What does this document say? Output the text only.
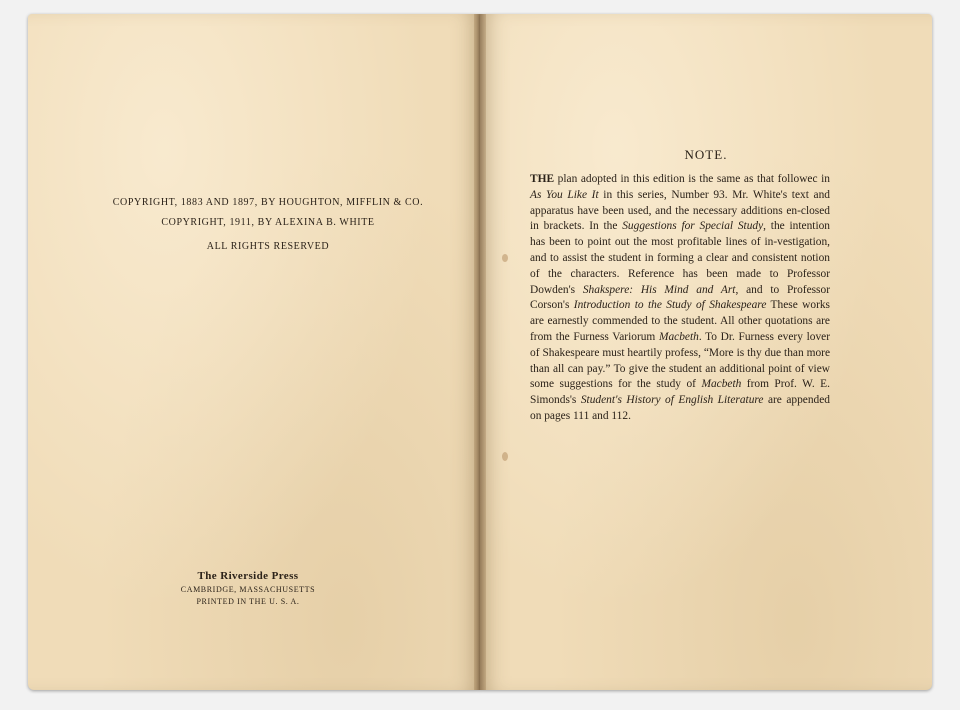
COPYRIGHT, 1883 AND 1897, BY HOUGHTON, MIFFLIN & CO.
COPYRIGHT, 1911, BY ALEXINA B. WHITE
ALL RIGHTS RESERVED
The Riverside Press
CAMBRIDGE, MASSACHUSETTS
PRINTED IN THE U. S. A.
NOTE.
THE plan adopted in this edition is the same as that followec in As You Like It in this series, Number 93. Mr. White's text and apparatus have been used, and the necessary additions en-closed in brackets. In the Suggestions for Special Study, the intention has been to point out the most profitable lines of in-vestigation, and to assist the student in forming a clear and consistent notion of the characters. Reference has been made to Professor Dowden's Shakspere: His Mind and Art, and to Professor Corson's Introduction to the Study of Shakespeare These works are earnestly commended to the student. All other quotations are from the Furness Variorum Macbeth. To Dr. Furness every lover of Shakespeare must heartily profess, “More is thy due than more than all can pay.” To give the student an additional point of view some suggestions for the study of Macbeth from Prof. W. E. Simonds's Student's History of English Literature are appended on pages 111 and 112.
